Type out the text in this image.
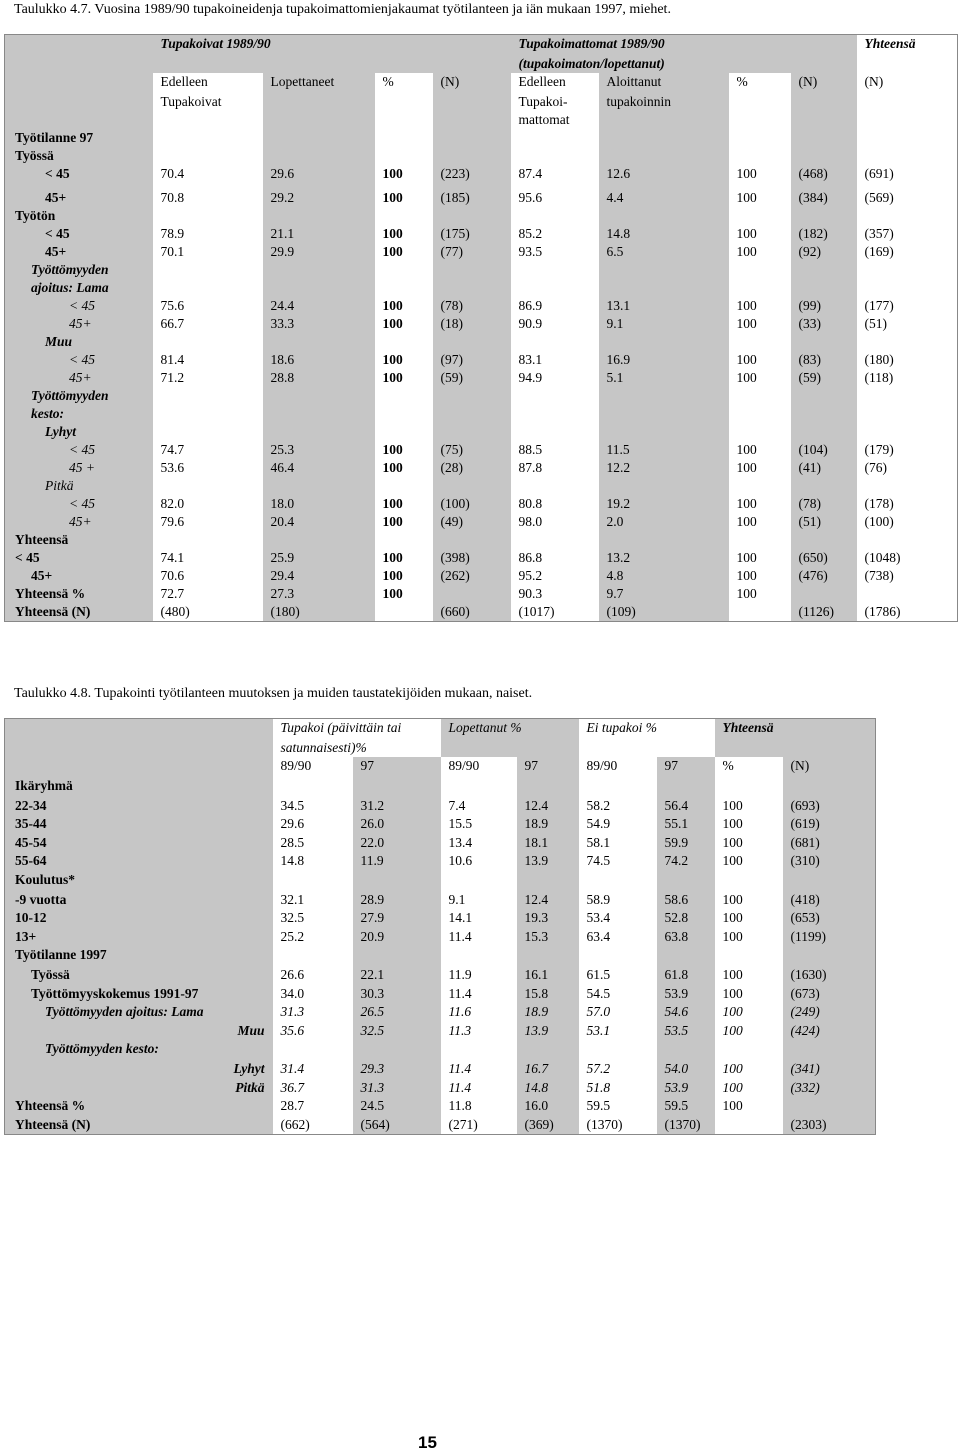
Taulukko 4.7. Vuosina 1989/90 tupakoineidenja tupakoimattomienjakaumat työtilanteen ja iän mukaan 1997, miehet.
	Tupakoivat 1989/90				Tupakoimattomat 1989/90				Yhteensä
					(tupakoimaton/lopettanut)				
	Edelleen	Lopettaneet	%	(N)	Edelleen	Aloittanut	%	(N)	(N)
	Tupakoivat				Tupakoi-	tupakoinnin			
					mattomat				
Työtilanne 97									
Työssä									
< 45	70.4	29.6	100	(223)	87.4	12.6	100	(468)	(691)
45+	70.8	29.2	100	(185)	95.6	4.4	100	(384)	(569)
Työtön									
< 45	78.9	21.1	100	(175)	85.2	14.8	100	(182)	(357)
45+	70.1	29.9	100	(77)	93.5	6.5	100	(92)	(169)
Työttömyyden									
ajoitus: Lama									
< 45	75.6	24.4	100	(78)	86.9	13.1	100	(99)	(177)
45+	66.7	33.3	100	(18)	90.9	9.1	100	(33)	(51)
Muu									
< 45	81.4	18.6	100	(97)	83.1	16.9	100	(83)	(180)
45+	71.2	28.8	100	(59)	94.9	5.1	100	(59)	(118)
Työttömyyden									
kesto:									
Lyhyt									
< 45	74.7	25.3	100	(75)	88.5	11.5	100	(104)	(179)
45 +	53.6	46.4	100	(28)	87.8	12.2	100	(41)	(76)
Pitkä									
< 45	82.0	18.0	100	(100)	80.8	19.2	100	(78)	(178)
45+	79.6	20.4	100	(49)	98.0	2.0	100	(51)	(100)
Yhteensä									
< 45	74.1	25.9	100	(398)	86.8	13.2	100	(650)	(1048)
45+	70.6	29.4	100	(262)	95.2	4.8	100	(476)	(738)
Yhteensä %	72.7	27.3	100		90.3	9.7	100		
Yhteensä (N)	(480)	(180)		(660)	(1017)	(109)		(1126)	(1786)
Taulukko 4.8. Tupakointi työtilanteen muutoksen ja muiden taustatekijöiden mukaan, naiset.
	Tupakoi (päivittäin tai		Lopettanut %		Ei tupakoi %		Yhteensä	
	satunnaisesti)%							
	89/90	97	89/90	97	89/90	97	%	(N)
Ikäryhmä								
22-34	34.5	31.2	7.4	12.4	58.2	56.4	100	(693)
35-44	29.6	26.0	15.5	18.9	54.9	55.1	100	(619)
45-54	28.5	22.0	13.4	18.1	58.1	59.9	100	(681)
55-64	14.8	11.9	10.6	13.9	74.5	74.2	100	(310)
Koulutus*								
-9 vuotta	32.1	28.9	9.1	12.4	58.9	58.6	100	(418)
10-12	32.5	27.9	14.1	19.3	53.4	52.8	100	(653)
13+	25.2	20.9	11.4	15.3	63.4	63.8	100	(1199)
Työtilanne 1997								
Työssä	26.6	22.1	11.9	16.1	61.5	61.8	100	(1630)
Työttömyyskokemus 1991-97	34.0	30.3	11.4	15.8	54.5	53.9	100	(673)
Työttömyyden ajoitus: Lama	31.3	26.5	11.6	18.9	57.0	54.6	100	(249)
Muu	35.6	32.5	11.3	13.9	53.1	53.5	100	(424)
Työttömyyden kesto:								
Lyhyt	31.4	29.3	11.4	16.7	57.2	54.0	100	(341)
Pitkä	36.7	31.3	11.4	14.8	51.8	53.9	100	(332)
Yhteensä %	28.7	24.5	11.8	16.0	59.5	59.5	100	
Yhteensä (N)	(662)	(564)	(271)	(369)	(1370)	(1370)		(2303)
15
